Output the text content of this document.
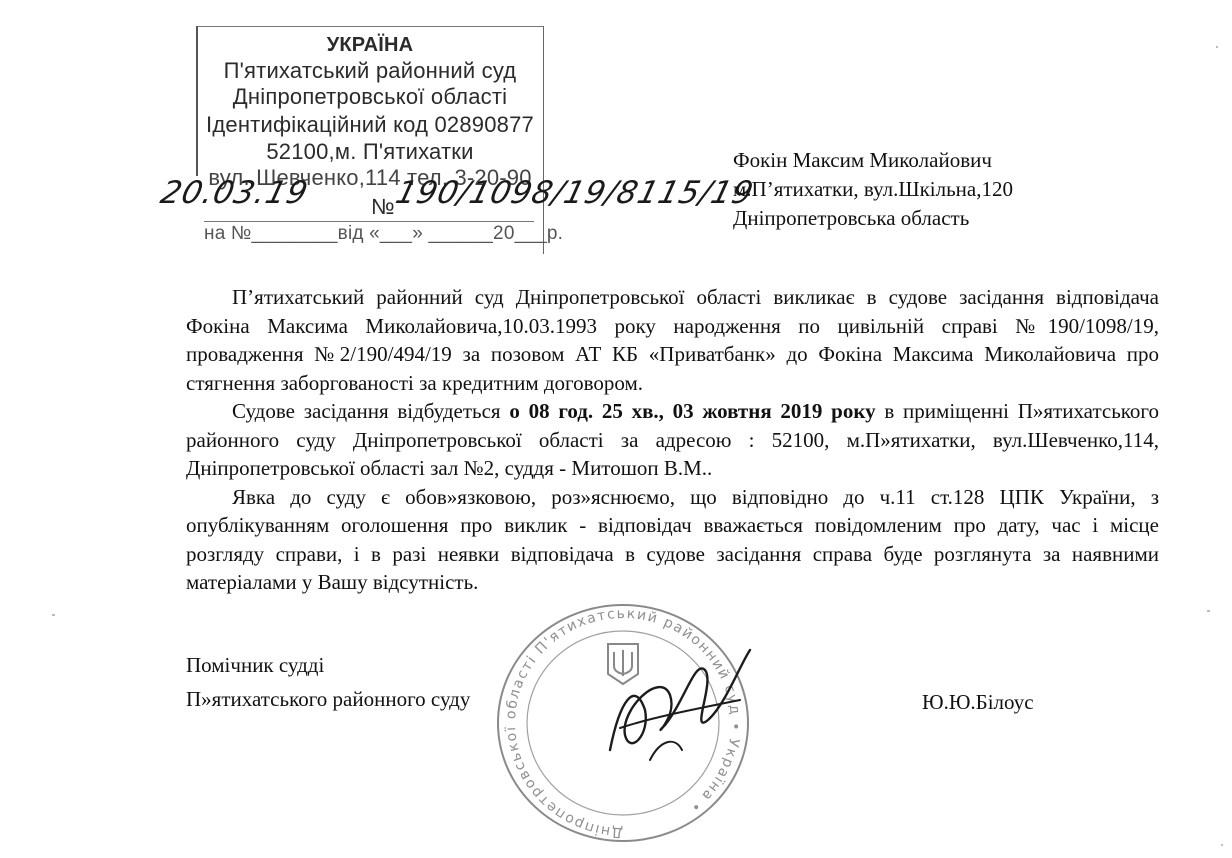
УКРАЇНА
П'ятихатський районний суд
Дніпропетровської області
Ідентифікаційний код 02890877
52100,м. П'ятихатки
вул. Шевченко,114 тел. 3-20-90
№
на №________від «___» ______20___р.
20.03.19	190/1098/19/8115/19
Фокін Максим Миколайович
м.П’ятихатки, вул.Шкільна,120
Дніпропетровська область

П’ятихатський районний суд Дніпропетровської області викликає в судове засідання відповідача Фокіна Максима Миколайовича,10.03.1993 року народження по цивільній справі №190/1098/19, провадження №2/190/494/19 за позовом АТ КБ «Приватбанк» до Фокіна Максима Миколайовича про стягнення заборгованості за кредитним договором.

Судове засідання відбудеться о 08 год. 25 хв., 03 жовтня 2019 року в приміщенні П»ятихатського районного суду Дніпропетровської області за адресою : 52100, м.П»ятихатки, вул.Шевченко,114, Дніпропетровської області зал №2, суддя - Митошоп В.М..

Явка до суду є обов»язковою, роз»яснюємо, що відповідно до ч.11 ст.128 ЦПК України, з опублікуванням оголошення про виклик - відповідач вважається повідомленим про дату, час і місце розгляду справи, і в разі неявки відповідача в судове засідання справа буде розглянута за наявними матеріалами у Вашу відсутність.

Помічник судді
П»ятихатського районного суду	Ю.Ю.Білоус
Дніпропетровської області П'ятихатський районний суд • Україна •
